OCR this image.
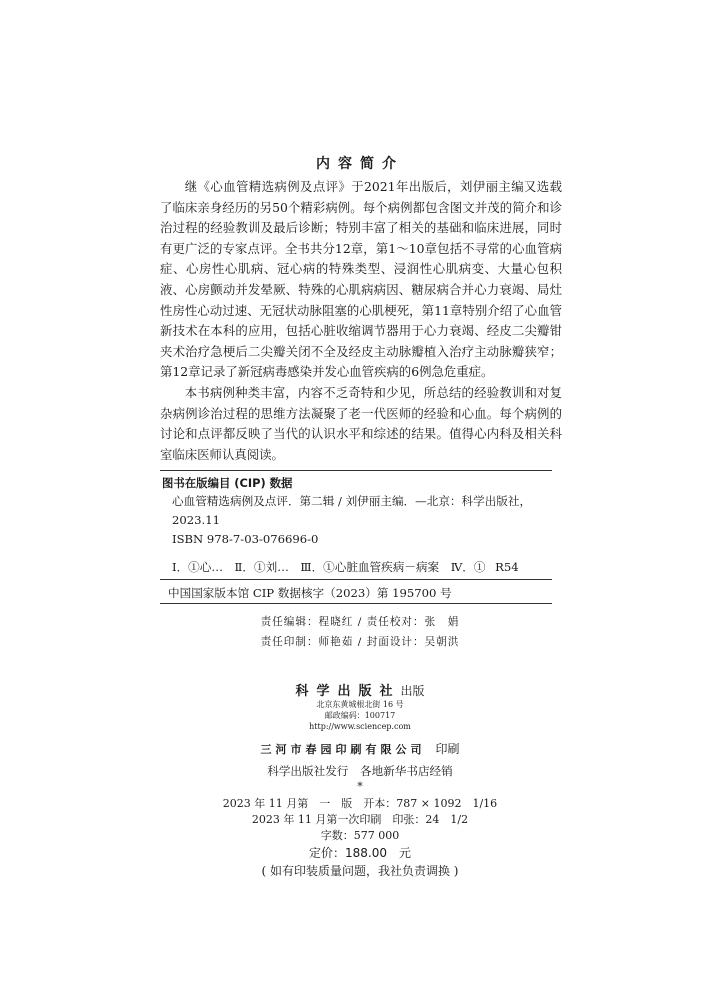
内容简介

继《心血管精选病例及点评》于2021年出版后，刘伊丽主编又选载了临床亲身经历的另50个精彩病例。每个病例都包含图文并茂的简介和诊治过程的经验教训及最后诊断；特别丰富了相关的基础和临床进展，同时有更广泛的专家点评。全书共分12章，第1～10章包括不寻常的心血管病症、心房性心肌病、冠心病的特殊类型、浸润性心肌病变、大量心包积液、心房颤动并发晕厥、特殊的心肌病病因、糖尿病合并心力衰竭、局灶性房性心动过速、无冠状动脉阻塞的心肌梗死，第11章特别介绍了心血管新技术在本科的应用，包括心脏收缩调节器用于心力衰竭、经皮二尖瓣钳夹术治疗急梗后二尖瓣关闭不全及经皮主动脉瓣植入治疗主动脉瓣狭窄；第12章记录了新冠病毒感染并发心血管疾病的6例急危重症。

本书病例种类丰富，内容不乏奇特和少见，所总结的经验教训和对复杂病例诊治过程的思维方法凝聚了老一代医师的经验和心血。每个病例的讨论和点评都反映了当代的认识水平和综述的结果。值得心内科及相关科室临床医师认真阅读。

图书在版编目 (CIP) 数据
心血管精选病例及点评．第二辑 / 刘伊丽主编．—北京：科学出版社，
2023.11
ISBN 978-7-03-076696-0
Ⅰ．①心…　Ⅱ．①刘…　Ⅲ．①心脏血管疾病－病案　Ⅳ．① R54
中国国家版本馆 CIP 数据核字（2023）第 195700 号
责任编辑：程晓红 / 责任校对：张　娟
责任印制：师艳茹 / 封面设计：吴朝洪
科学出版社出版
北京东黄城根北街 16 号
邮政编码：100717
http://www.sciencep.com
三河市春园印刷有限公司 印刷
科学出版社发行　各地新华书店经销
*
2023 年 11 月第　一　版　开本：787 × 1092　1/16
2023 年 11 月第一次印刷　印张：24　1/2
字数：577 000
定价：188.00　元
( 如有印装质量问题，我社负责调换 )
